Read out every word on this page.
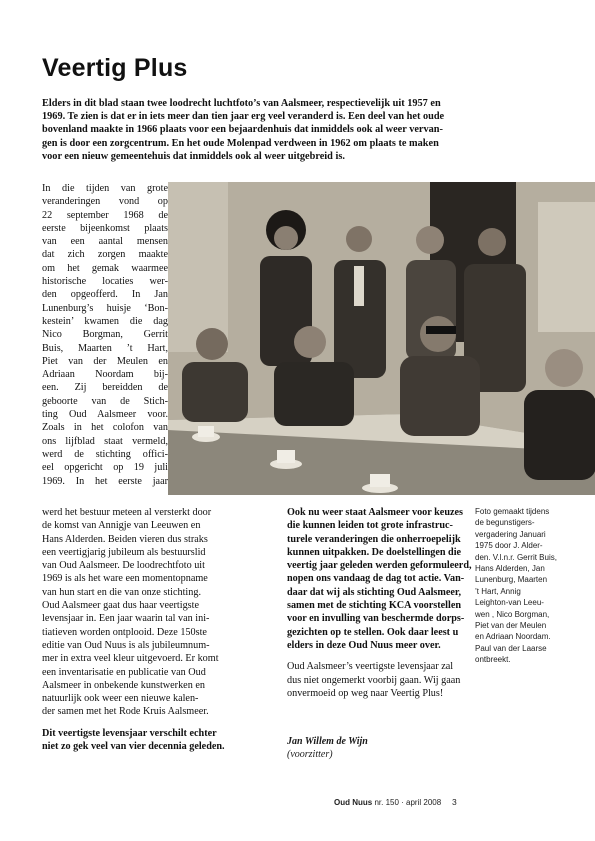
Veertig Plus
Elders in dit blad staan twee loodrecht luchtfoto’s van Aalsmeer, respectievelijk uit 1957 en
1969. Te zien is dat er in iets meer dan tien jaar erg veel veranderd is. Een deel van het oude
bovenland maakte in 1966 plaats voor een bejaardenhuis dat inmiddels ook al weer vervan-
gen is door een zorgcentrum. En het oude Molenpad verdween in 1962 om plaats te maken
voor een nieuw gemeentehuis dat inmiddels ook al weer uitgebreid is.
In die tijden van grote
veranderingen vond op
22 september 1968 de
eerste bijeenkomst plaats
van een aantal mensen
dat zich zorgen maakte
om het gemak waarmee
historische locaties wer-
den opgeofferd. In Jan
Lunenburg’s huisje ‘Bon-
kestein’ kwamen die dag
Nico Borgman, Gerrit
Buis, Maarten ’t Hart,
Piet van der Meulen en
Adriaan Noordam bij-
een. Zij bereidden de
geboorte van de Stich-
ting Oud Aalsmeer voor.
Zoals in het colofon van
ons lijfblad staat vermeld,
werd de stichting offici-
eel opgericht op 19 juli
1969. In het eerste jaar
werd het bestuur meteen al versterkt door
de komst van Annigje van Leeuwen en
Hans Alderden. Beiden vieren dus straks
een veertigjarig jubileum als bestuurslid
van Oud Aalsmeer. De loodrechtfoto uit
1969 is als het ware een momentopname
van hun start en die van onze stichting.
Oud Aalsmeer gaat dus haar veertigste
levensjaar in. Een jaar waarin tal van ini-
tiatieven worden ontplooid. Deze 150ste
editie van Oud Nuus is als jubileumnum-
mer in extra veel kleur uitgevoerd. Er komt
een inventarisatie en publicatie van Oud
Aalsmeer in onbekende kunstwerken en
natuurlijk ook weer een nieuwe kalen-
der samen met het Rode Kruis Aalsmeer.
Dit veertigste levensjaar verschilt echter
niet zo gek veel van vier decennia geleden.
Ook nu weer staat Aalsmeer voor keuzes
die kunnen leiden tot grote infrastruc-
turele veranderingen die onherroepelijk
kunnen uitpakken. De doelstellingen die
veertig jaar geleden werden geformuleerd,
nopen ons vandaag de dag tot actie. Van-
daar dat wij als stichting Oud Aalsmeer,
samen met de stichting KCA voorstellen
voor en invulling van beschermde dorps-
gezichten op te stellen. Ook daar leest u
elders in deze Oud Nuus meer over.
Oud Aalsmeer’s veertigste levensjaar zal
dus niet ongemerkt voorbij gaan. Wij gaan
onvermoeid op weg naar Veertig Plus!
Jan Willem de Wijn
(voorzitter)
Foto gemaakt tijdens
de begunstigers-
vergadering Januari
1975 door J. Alder-
den. V.l.n.r. Gerrit Buis,
Hans Alderden, Jan
Lunenburg, Maarten
’t Hart, Annig
Leighton-van Leeu-
wen , Nico Borgman,
Piet van der Meulen
en Adriaan Noordam.
Paul van der Laarse
ontbreekt.
Oud Nuus nr. 150 · april 2008 3
